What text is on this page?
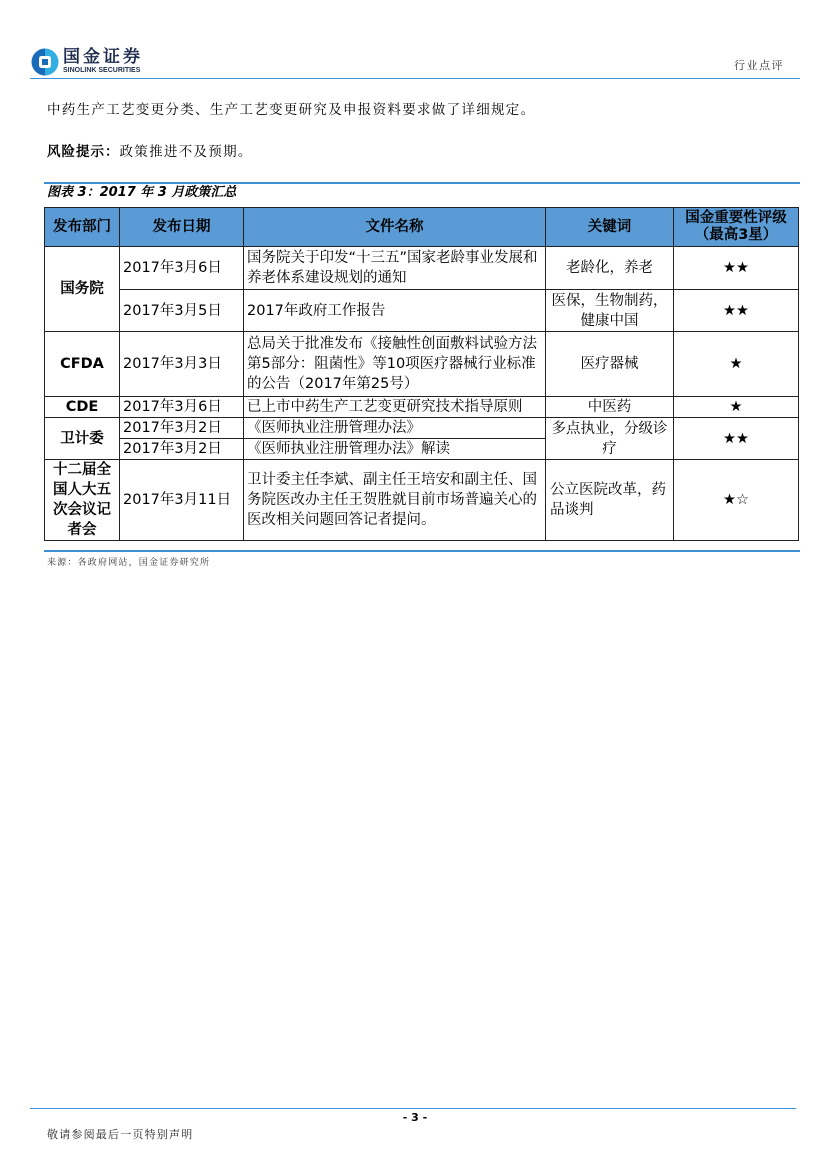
国金证券
SINOLINK SECURITIES	行业点评
中药生产工艺变更分类、生产工艺变更研究及申报资料要求做了详细规定。
风险提示：政策推进不及预期。
图表 3：2017 年 3 月政策汇总
发布部门	发布日期	文件名称	关键词	国金重要性评级
（最高3星）

国务院	2017年3月6日	国务院关于印发“十三五”国家老龄事业发展和养老体系建设规划的通知	老龄化，养老	★★
	2017年3月5日	2017年政府工作报告	医保，生物制药，健康中国	★★
CFDA	2017年3月3日	总局关于批准发布《接触性创面敷料试验方法第5部分：阻菌性》等10项医疗器械行业标准的公告（2017年第25号）	医疗器械	★
CDE	2017年3月6日	已上市中药生产工艺变更研究技术指导原则	中医药	★
卫计委	2017年3月2日	《医师执业注册管理办法》	多点执业，分级诊疗	★★
	2017年3月2日	《医师执业注册管理办法》解读		
十二届全国人大五次会议记者会	2017年3月11日	卫计委主任李斌、副主任王培安和副主任、国务院医改办主任王贺胜就目前市场普遍关心的医改相关问题回答记者提问。	公立医院改革，药品谈判	★☆
来源：各政府网站，国金证券研究所
- 3 -
敬请参阅最后一页特别声明
